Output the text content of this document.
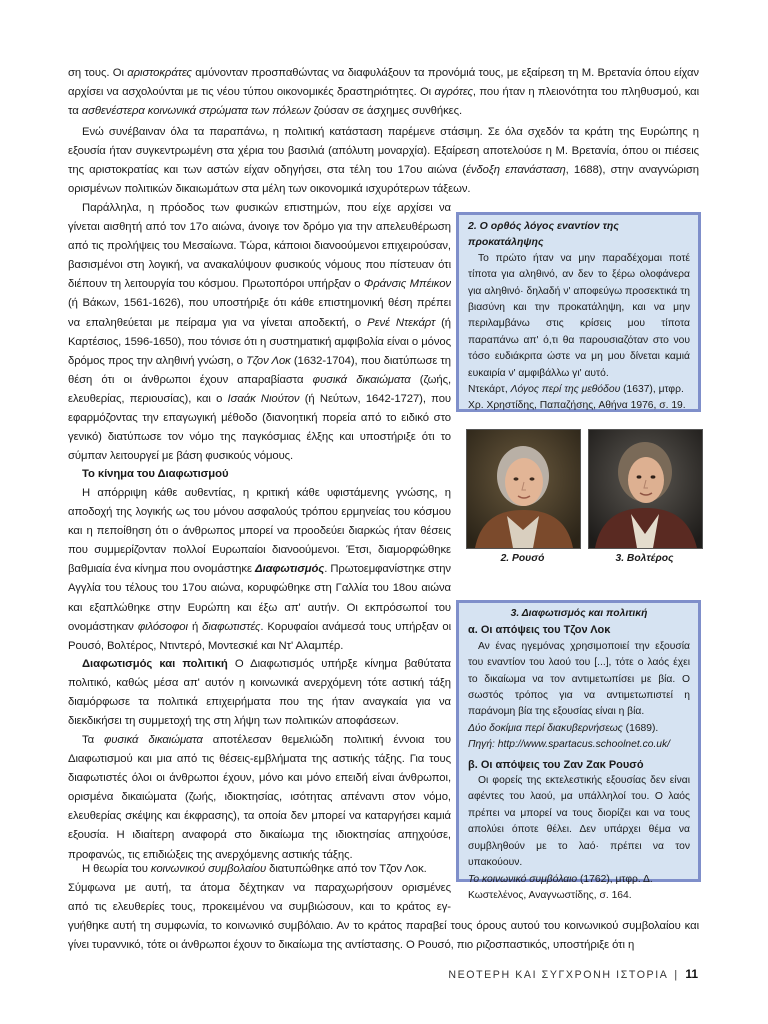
ση τους. Οι αριστοκράτες αμύνονταν προσπαθώντας να διαφυλάξουν τα προνόμιά τους, με εξαίρεση τη Μ. Βρετανία όπου είχαν αρχίσει να ασχολούνται με τις νέου τύπου οικονομικές δραστηριότητες. Οι αγρότες, που ήταν η πλειονότητα του πληθυσμού, και τα ασθενέστερα κοινωνικά στρώματα των πόλεων ζούσαν σε άσχημες συνθήκες.

Ενώ συνέβαιναν όλα τα παραπάνω, η πολιτική κατάσταση παρέμενε στάσιμη. Σε όλα σχεδόν τα κράτη της Ευρώπης η εξουσία ήταν συγκεντρωμένη στα χέρια του βασιλιά (απόλυτη μοναρχία). Εξαίρεση αποτελούσε η Μ. Βρετανία, όπου οι πιέσεις της αριστοκρατίας και των αστών είχαν οδηγήσει, στα τέλη του 17ου αιώνα (ένδοξη επανάσταση, 1688), στην αναγνώριση ορισμένων πολιτικών δικαιωμάτων στα μέλη των οικονομικά ισχυρότερων τάξεων.

Παράλληλα, η πρόοδος των φυσικών επιστημών, που είχε αρχίσει να γίνεται αισθητή από τον 17ο αιώνα, άνοιγε τον δρόμο για την απελευθέρωση από τις προλήψεις του Μεσαίωνα. Τώρα, κάποιοι διανοούμενοι επιχειρούσαν, βασισμένοι στη λογική, να ανακαλύψουν φυσικούς νόμους που πίστευαν ότι διέπουν τη λειτουργία του κόσμου. Πρωτοπόροι υπήρξαν ο Φράνσις Μπέικον (ή Βάκων, 1561-1626), που υποστήριξε ότι κάθε επιστημονική θέση πρέπει να επαληθεύεται με πείραμα για να γίνεται αποδεκτή, ο Ρενέ Ντεκάρτ (ή Καρτέσιος, 1596-1650), που τόνισε ότι η συστηματική αμφιβολία είναι ο μόνος δρόμος προς την αληθινή γνώση, ο Τζον Λοκ (1632-1704), που διατύπωσε τη θέση ότι οι άνθρωποι έχουν απαραβίαστα φυσικά δικαιώματα (ζωής, ελευθερίας, περιουσίας), και ο Ισαάκ Νιούτον (ή Νεύτων, 1642-1727), που εφαρμόζοντας την επαγωγική μέθοδο (διανοητική πορεία από το ειδικό στο γενικό) διατύπωσε τον νόμο της παγκόσμιας έλξης και υποστήριξε ότι το σύμπαν λειτουργεί με βάση φυσικούς νόμους.

Το κίνημα του Διαφωτισμού

Η απόρριψη κάθε αυθεντίας, η κριτική κάθε υφιστάμενης γνώσης, η αποδοχή της λογικής ως του μόνου ασφαλούς τρόπου ερμηνείας του κόσμου και η πεποίθηση ότι ο άνθρωπος μπορεί να προοδεύει διαρκώς ήταν θέσεις που συμμερίζονταν πολλοί Ευρωπαίοι διανοούμενοι. Έτσι, διαμορφώθηκε βαθμιαία ένα κίνημα που ονομάστηκε Διαφωτισμός. Πρωτοεμφανίστηκε στην Αγγλία του τέλους του 17ου αιώνα, κορυφώθηκε στη Γαλλία του 18ου αιώνα και εξαπλώθηκε στην Ευρώπη και έξω απ' αυτήν. Οι εκπρόσωποί του ονομάστηκαν φιλόσοφοι ή διαφωτιστές. Κορυφαίοι ανάμεσά τους υπήρξαν οι Ρουσό, Βολτέρος, Ντιντερό, Μοντεσκιέ και Ντ' Αλαμπέρ.

Διαφωτισμός και πολιτική Ο Διαφωτισμός υπήρξε κίνημα βαθύτατα πολιτικό, καθώς μέσα απ' αυτόν η κοινωνικά ανερχόμενη τότε αστική τάξη διαμόρφωσε τα πολιτικά επιχειρήματα που της ήταν αναγκαία για να διεκδικήσει τη συμμετοχή της στη λήψη των πολιτικών αποφάσεων.

Τα φυσικά δικαιώματα αποτέλεσαν θεμελιώδη πολιτική έννοια του Διαφωτισμού και μια από τις θέσεις-εμβλήματα της αστικής τάξης. Για τους διαφωτιστές όλοι οι άνθρωποι έχουν, μόνο και μόνο επειδή είναι άνθρωποι, ορισμένα δικαιώματα (ζωής, ιδιοκτησίας, ισότητας απέναντι στον νόμο, ελευθερίας σκέψης και έκφρασης), τα οποία δεν μπορεί να καταργήσει καμιά εξουσία. Η ιδιαίτερη αναφορά στο δικαίωμα της ιδιοκτησίας απηχούσε, προφανώς, τις επιδιώξεις της ανερχόμενης αστικής τάξης.

Η θεωρία του κοινωνικού συμβολαίου διατυπώθηκε από τον Τζον Λοκ.

Σύμφωνα με αυτή, τα άτομα δέχτηκαν να παραχωρήσουν ορισμένες

από τις ελευθερίες τους, προκειμένου να συμβιώσουν, και το κράτος εγ-

γυήθηκε αυτή τη συμφωνία, το κοινωνικό συμβόλαιο. Αν το κράτος παραβεί τους όρους αυτού του κοινωνικού συμβολαίου και γίνει τυραννικό, τότε οι άνθρωποι έχουν το δικαίωμα της αντίστασης. Ο Ρουσό, πιο ριζοσπαστικός, υποστήριξε ότι η

2. Ο ορθός λόγος εναντίον της προκατάληψης
Το πρώτο ήταν να μην παραδέχομαι ποτέ τίποτα για αληθινό, αν δεν το ξέρω ολοφάνερα για αληθινό· δηλαδή ν' αποφεύγω προσεκτικά τη βιασύνη και την προκατάληψη, και να μην περιλαμβάνω στις κρίσεις μου τίποτα παραπάνω απ' ό,τι θα παρουσιαζόταν στο νου τόσο ευδιάκριτα ώστε να μη μου δίνεται καμιά ευκαιρία ν' αμφιβάλλω γι' αυτό.
Ντεκάρτ, Λόγος περί της μεθόδου (1637), μτφρ. Χρ. Χρηστίδης, Παπαζήσης, Αθήνα 1976, σ. 19.
2. Ρουσό	3. Βολτέρος
3. Διαφωτισμός και πολιτική
α. Οι απόψεις του Τζον Λοκ
Αν ένας ηγεμόνας χρησιμοποιεί την εξουσία του εναντίον του λαού του [...], τότε ο λαός έχει το δικαίωμα να τον αντιμετωπίσει με βία. Ο σωστός τρόπος για να αντιμετωπιστεί η παράνομη βία της εξουσίας είναι η βία.
Δύο δοκίμια περί διακυβερνήσεως (1689).
Πηγή: http://www.spartacus.schoolnet.co.uk/
β. Οι απόψεις του Ζαν Ζακ Ρουσό
Οι φορείς της εκτελεστικής εξουσίας δεν είναι αφέντες του λαού, μα υπάλληλοί του. Ο λαός πρέπει να μπορεί να τους διορίζει και να τους απολύει όποτε θέλει. Δεν υπάρχει θέμα να συμβληθούν με το λαό· πρέπει να τον υπακούουν.
Το κοινωνικό συμβόλαιο (1762), μτφρ. Δ. Κωστελένος, Αναγνωστίδης, σ. 164.
ΝΕΟΤΕΡΗ ΚΑΙ ΣΥΓΧΡΟΝΗ ΙΣΤΟΡΙΑ | 11
